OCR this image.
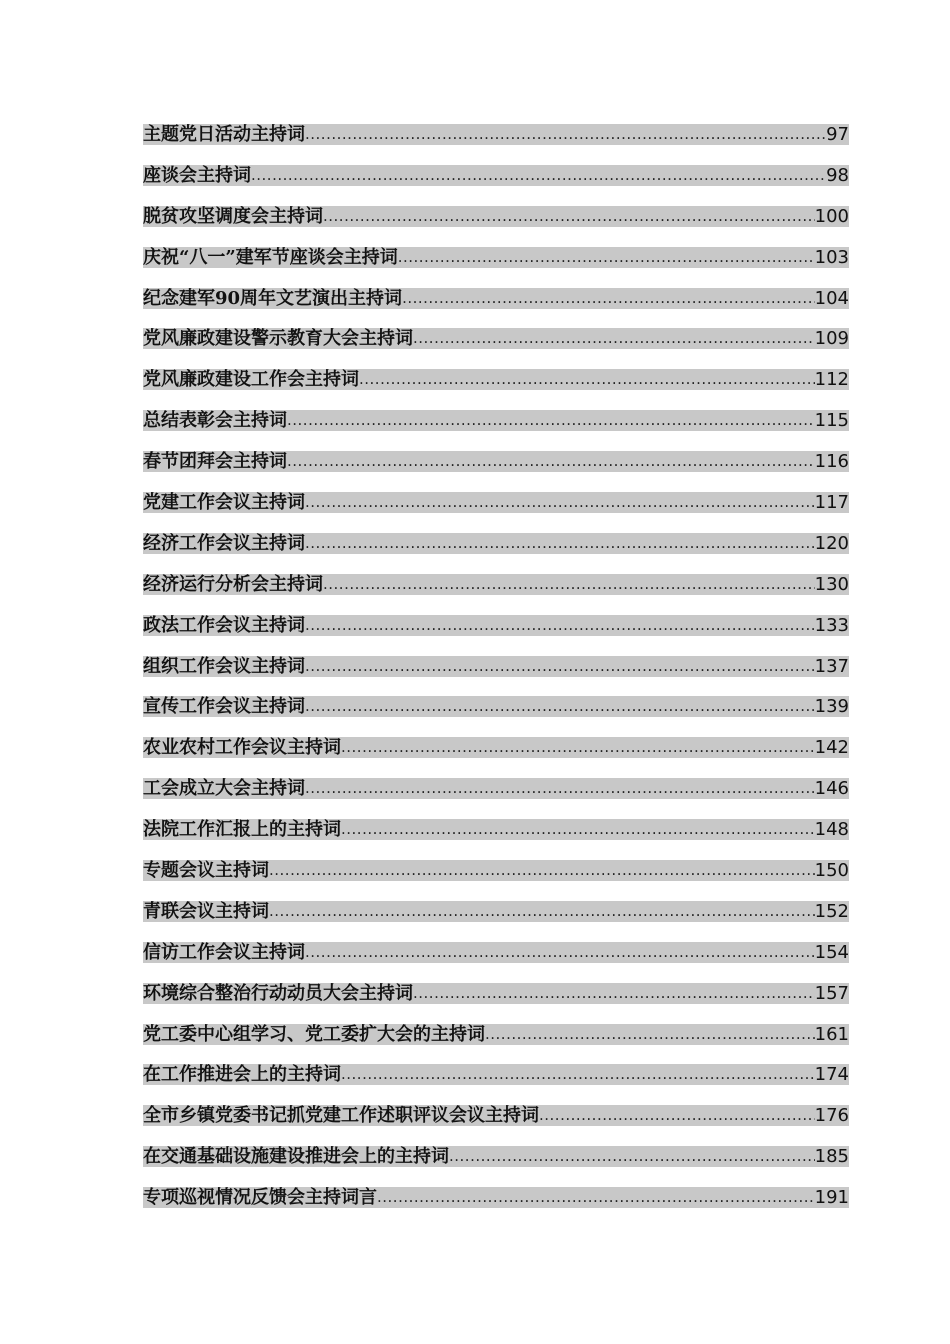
主题党日活动主持词 .....	97
座谈会主持词 .....	98
脱贫攻坚调度会主持词 .....	100
庆祝“八一”建军节座谈会主持词 .....	103
纪念建军90周年文艺演出主持词 .....	104
党风廉政建设警示教育大会主持词 .....	109
党风廉政建设工作会主持词 .....	112
总结表彰会主持词 .....	115
春节团拜会主持词 .....	116
党建工作会议主持词 .....	117
经济工作会议主持词 .....	120
经济运行分析会主持词 .....	130
政法工作会议主持词 .....	133
组织工作会议主持词 .....	137
宣传工作会议主持词 .....	139
农业农村工作会议主持词 .....	142
工会成立大会主持词 .....	146
法院工作汇报上的主持词 .....	148
专题会议主持词 .....	150
青联会议主持词 .....	152
信访工作会议主持词 .....	154
环境综合整治行动动员大会主持词 .....	157
党工委中心组学习、党工委扩大会的主持词 .....	161
在工作推进会上的主持词 .....	174
全市乡镇党委书记抓党建工作述职评议会议主持词 .....	176
在交通基础设施建设推进会上的主持词 .....	185
专项巡视情况反馈会主持词言 .....	191
